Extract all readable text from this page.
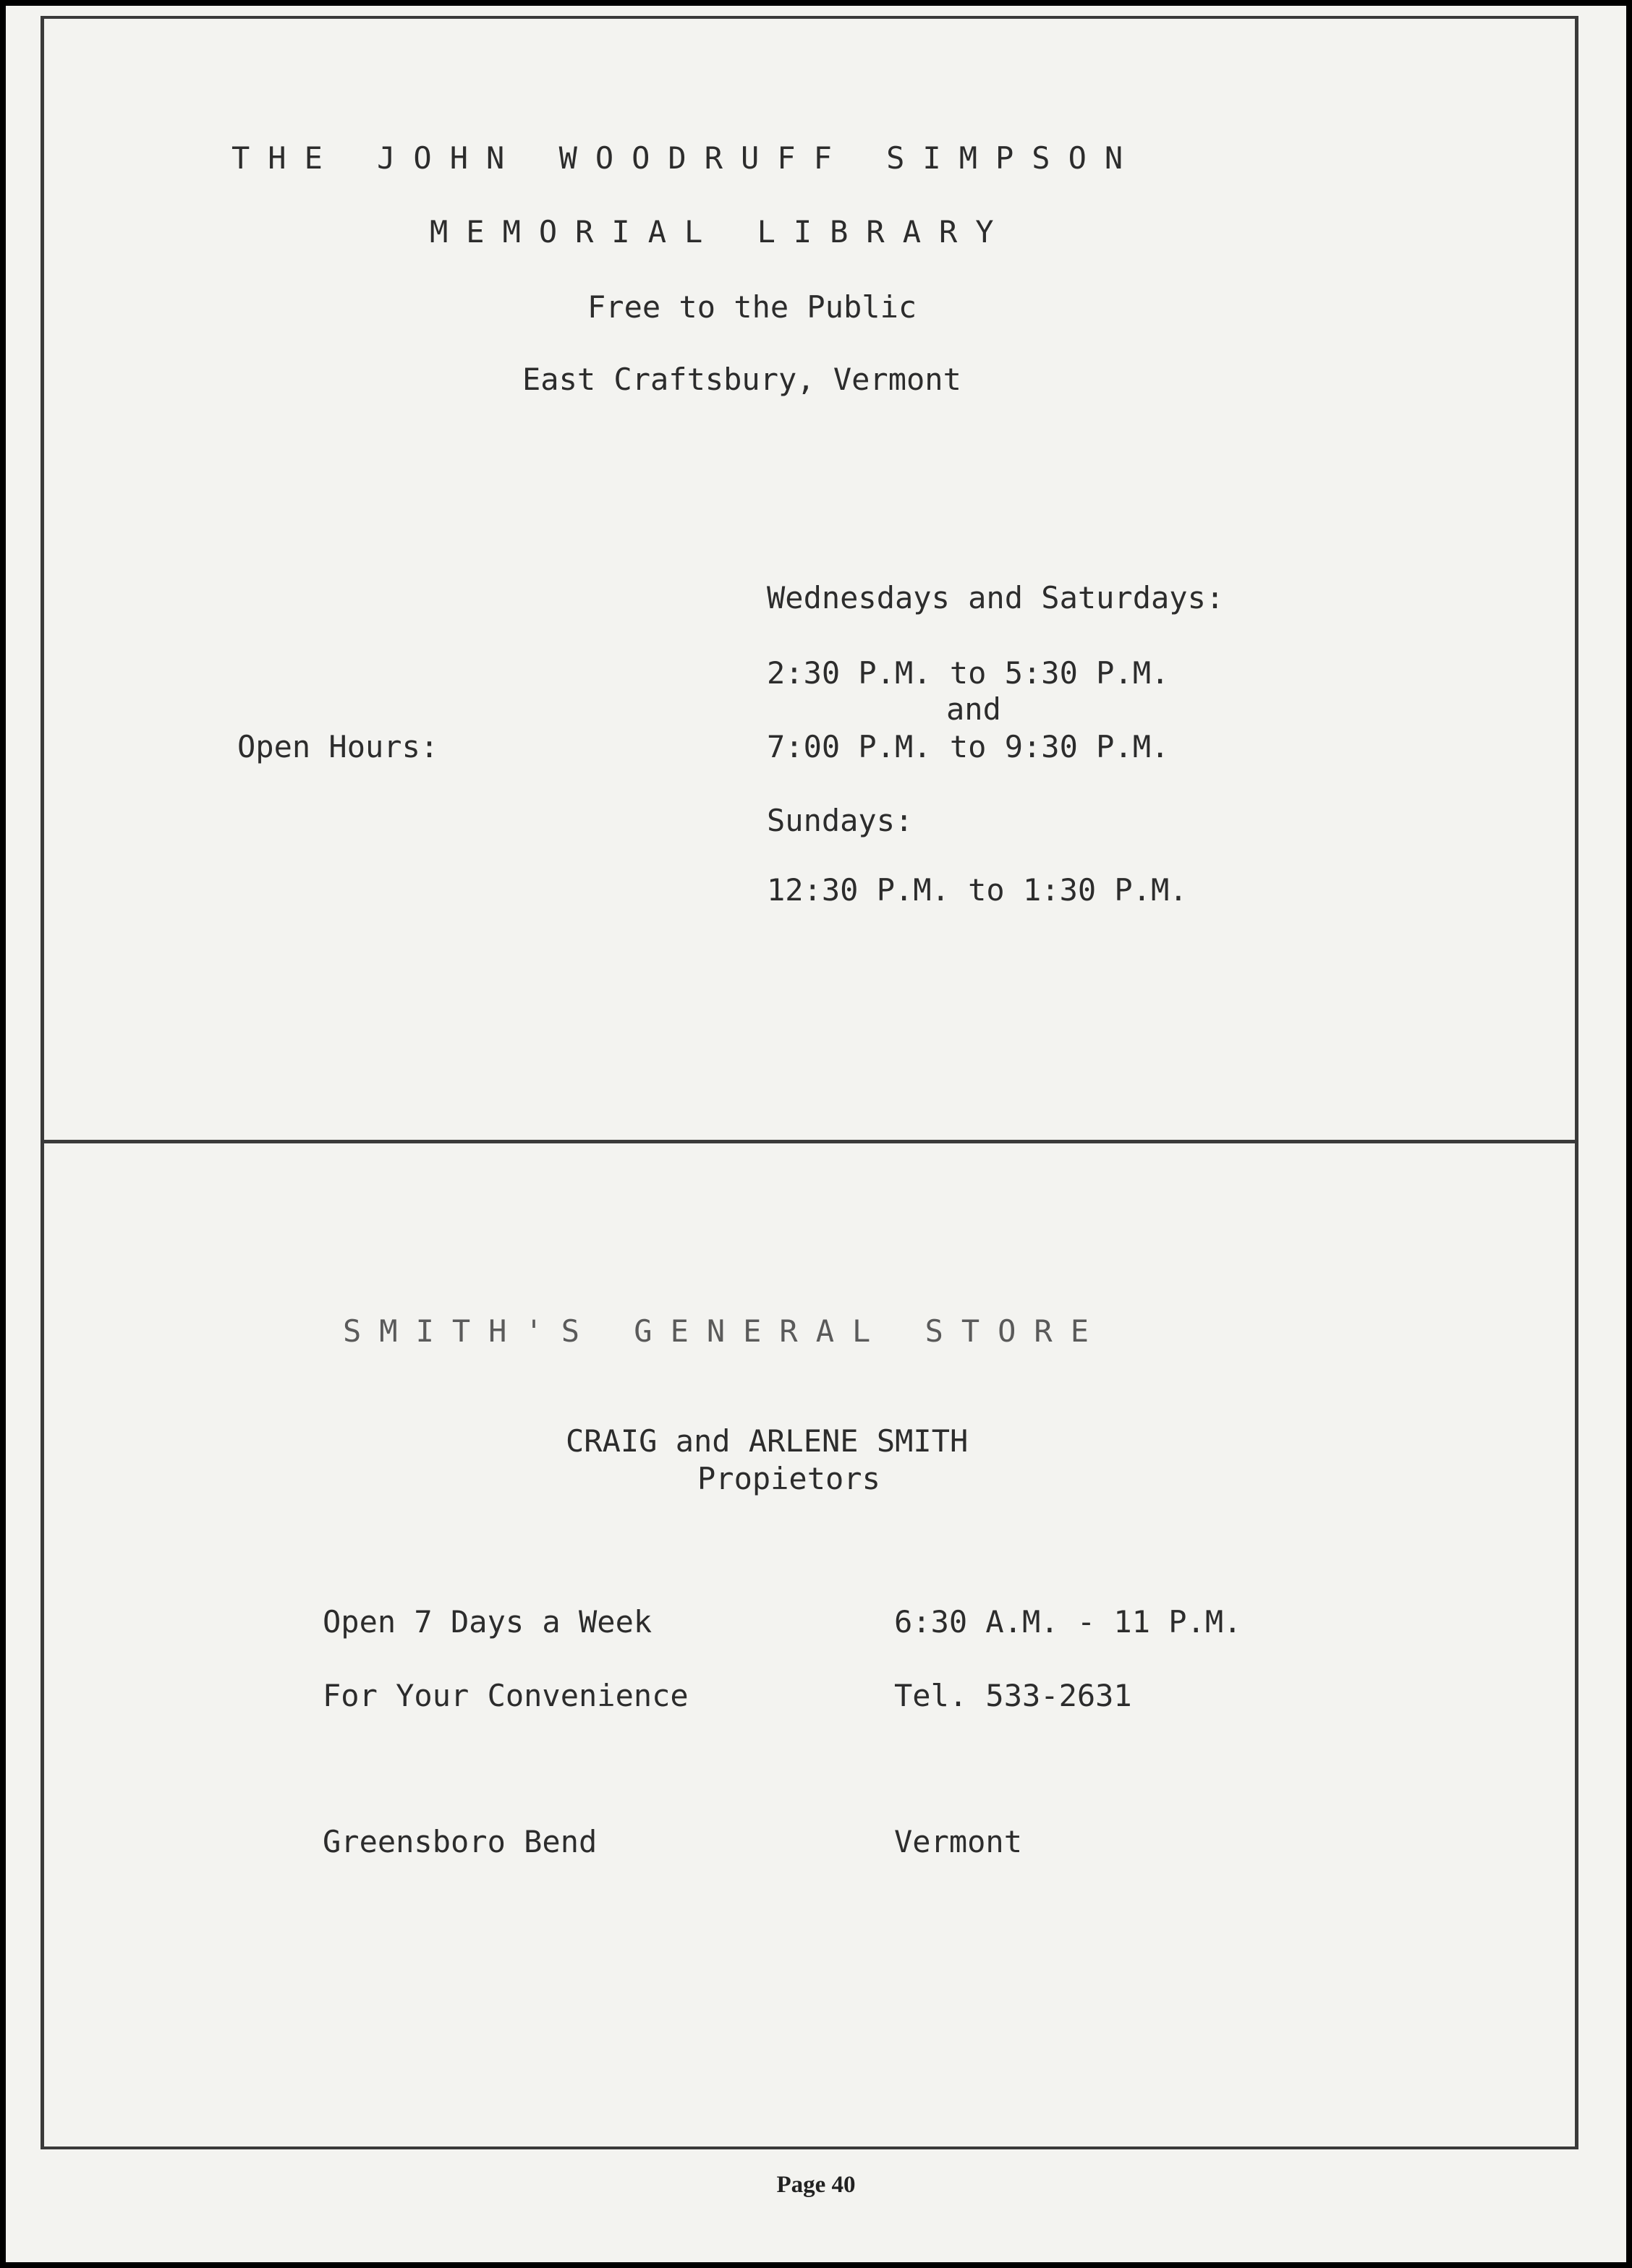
THE JOHN WOODRUFF SIMPSON
MEMORIAL LIBRARY
Free to the Public
East Craftsbury, Vermont
Wednesdays and Saturdays:
2:30 P.M. to 5:30 P.M.
and
Open Hours:	7:00 P.M. to 9:30 P.M.
Sundays:
12:30 P.M. to 1:30 P.M.
SMITH'S GENERAL STORE
CRAIG and ARLENE SMITH
Propietors
Open 7 Days a Week	6:30 A.M. - 11 P.M.
For Your Convenience	Tel. 533-2631
Greensboro Bend	Vermont
Page 40
